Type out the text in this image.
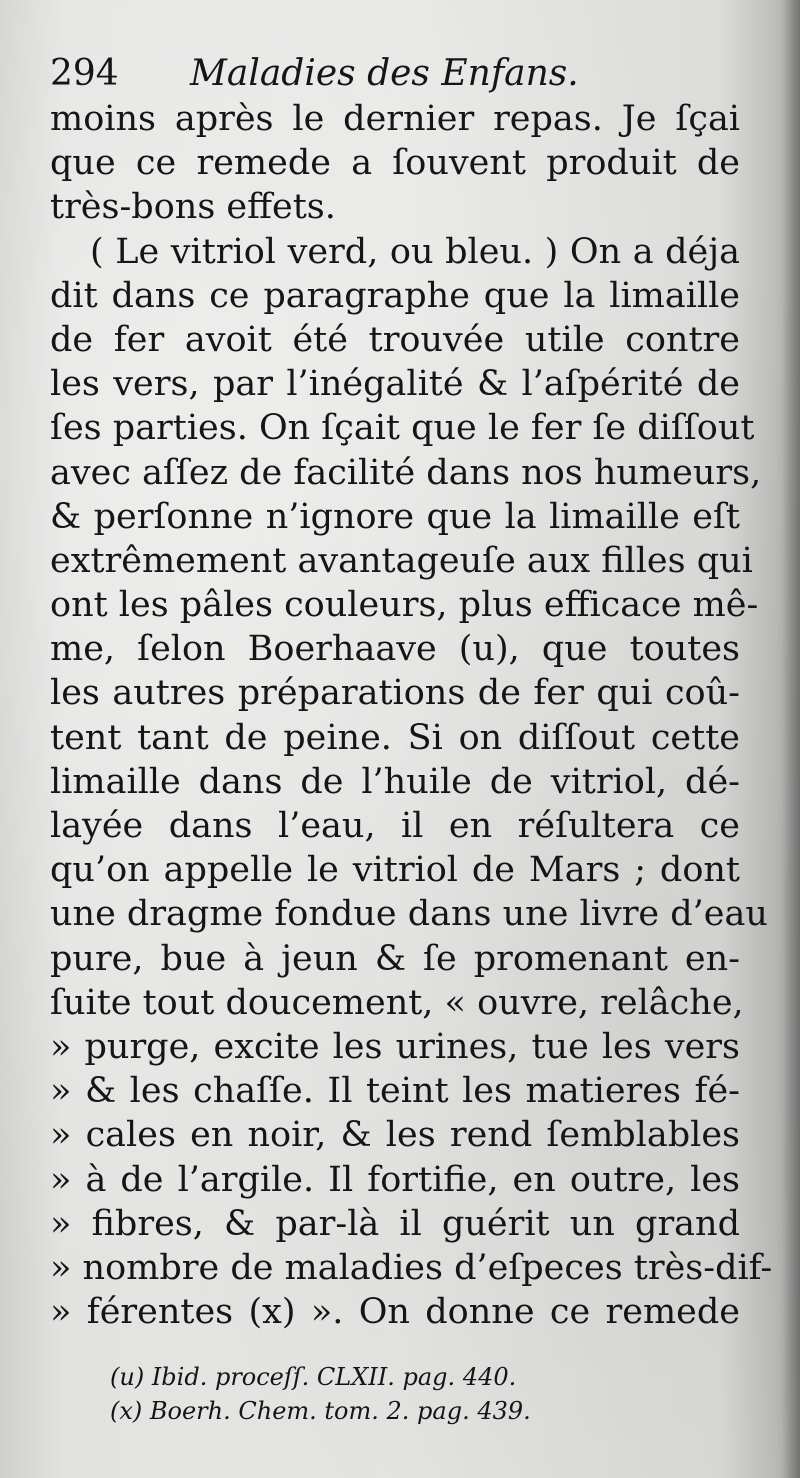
294 Maladies des Enfans.
moins après le dernier repas. Je ſçai
que ce remede a ſouvent produit de
très-bons effets.
( Le vitriol verd, ou bleu. ) On a déja
dit dans ce paragraphe que la limaille
de fer avoit été trouvée utile contre
les vers, par l’inégalité & l’aſpérité de
ſes parties. On ſçait que le fer ſe diſſout
avec aſſez de facilité dans nos humeurs,
& perſonne n’ignore que la limaille eſt
extrêmement avantageuſe aux filles qui
ont les pâles couleurs, plus efficace mê-
me, ſelon Boerhaave (u), que toutes
les autres préparations de fer qui coû-
tent tant de peine. Si on diſſout cette
limaille dans de l’huile de vitriol, dé-
layée dans l’eau, il en réſultera ce
qu’on appelle le vitriol de Mars ; dont
une dragme fondue dans une livre d’eau
pure, bue à jeun & ſe promenant en-
ſuite tout doucement, « ouvre, relâche,
» purge, excite les urines, tue les vers
» & les chaſſe. Il teint les matieres fé-
» cales en noir, & les rend ſemblables
» à de l’argile. Il fortifie, en outre, les
» fibres, & par-là il guérit un grand
» nombre de maladies d’eſpeces très-dif-
» férentes (x) ». On donne ce remede
(u) Ibid. proceſſ. CLXII. pag. 440.
(x) Boerh. Chem. tom. 2. pag. 439.
